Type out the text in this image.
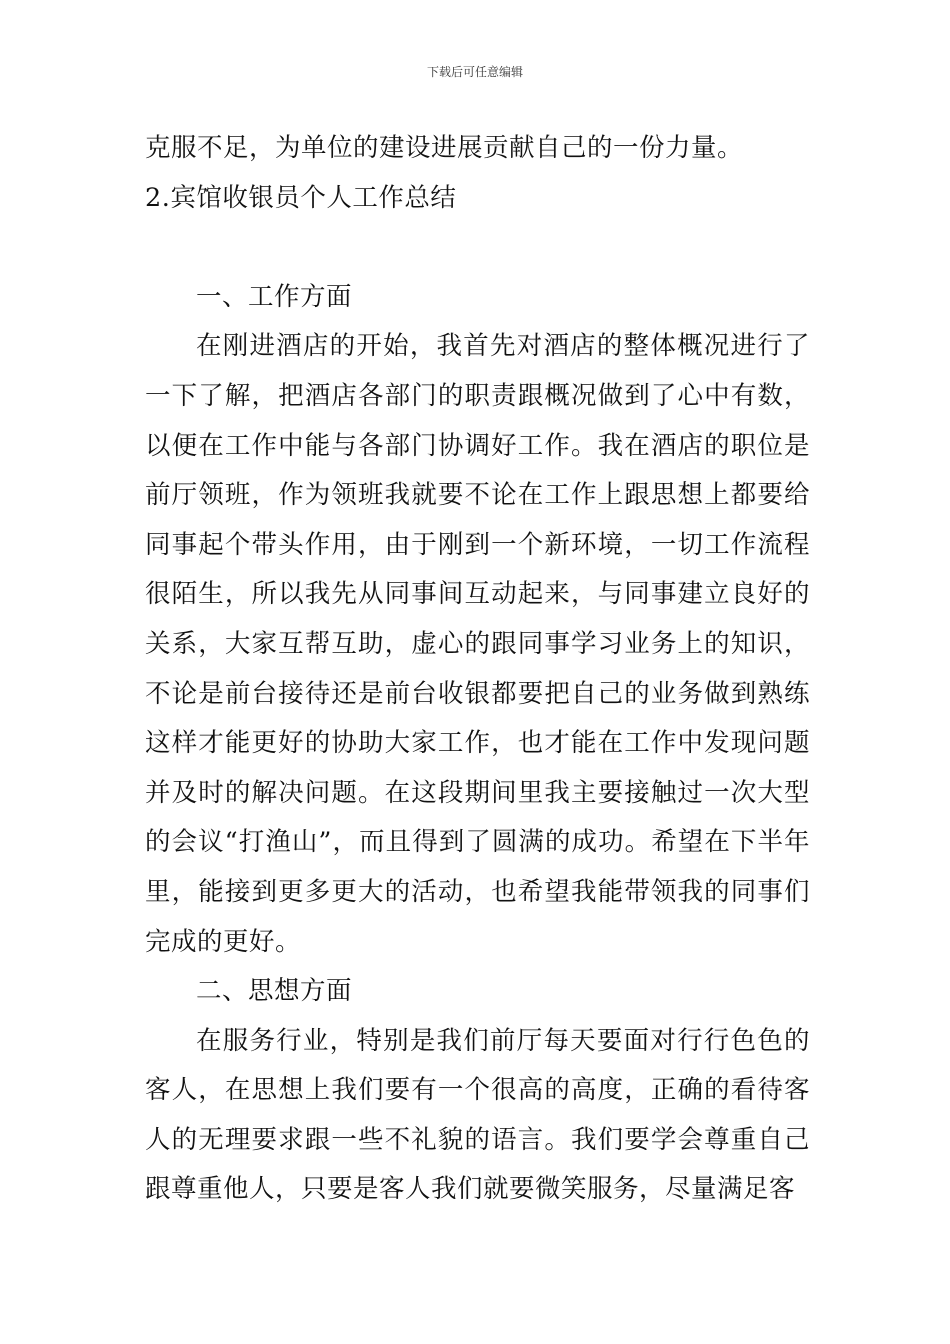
下载后可任意编辑

克服不足，为单位的建设进展贡献自己的一份力量。

2.宾馆收银员个人工作总结

一、工作方面

在刚进酒店的开始，我首先对酒店的整体概况进行了一下了解，把酒店各部门的职责跟概况做到了心中有数，以便在工作中能与各部门协调好工作。我在酒店的职位是前厅领班，作为领班我就要不论在工作上跟思想上都要给同事起个带头作用，由于刚到一个新环境，一切工作流程很陌生，所以我先从同事间互动起来，与同事建立良好的关系，大家互帮互助，虚心的跟同事学习业务上的知识，不论是前台接待还是前台收银都要把自己的业务做到熟练这样才能更好的协助大家工作，也才能在工作中发现问题并及时的解决问题。在这段期间里我主要接触过一次大型的会议“打渔山”，而且得到了圆满的成功。希望在下半年里，能接到更多更大的活动，也希望我能带领我的同事们完成的更好。

二、思想方面

在服务行业，特别是我们前厅每天要面对行行色色的客人，在思想上我们要有一个很高的高度，正确的看待客人的无理要求跟一些不礼貌的语言。我们要学会尊重自己跟尊重他人，只要是客人我们就要微笑服务，尽量满足客
